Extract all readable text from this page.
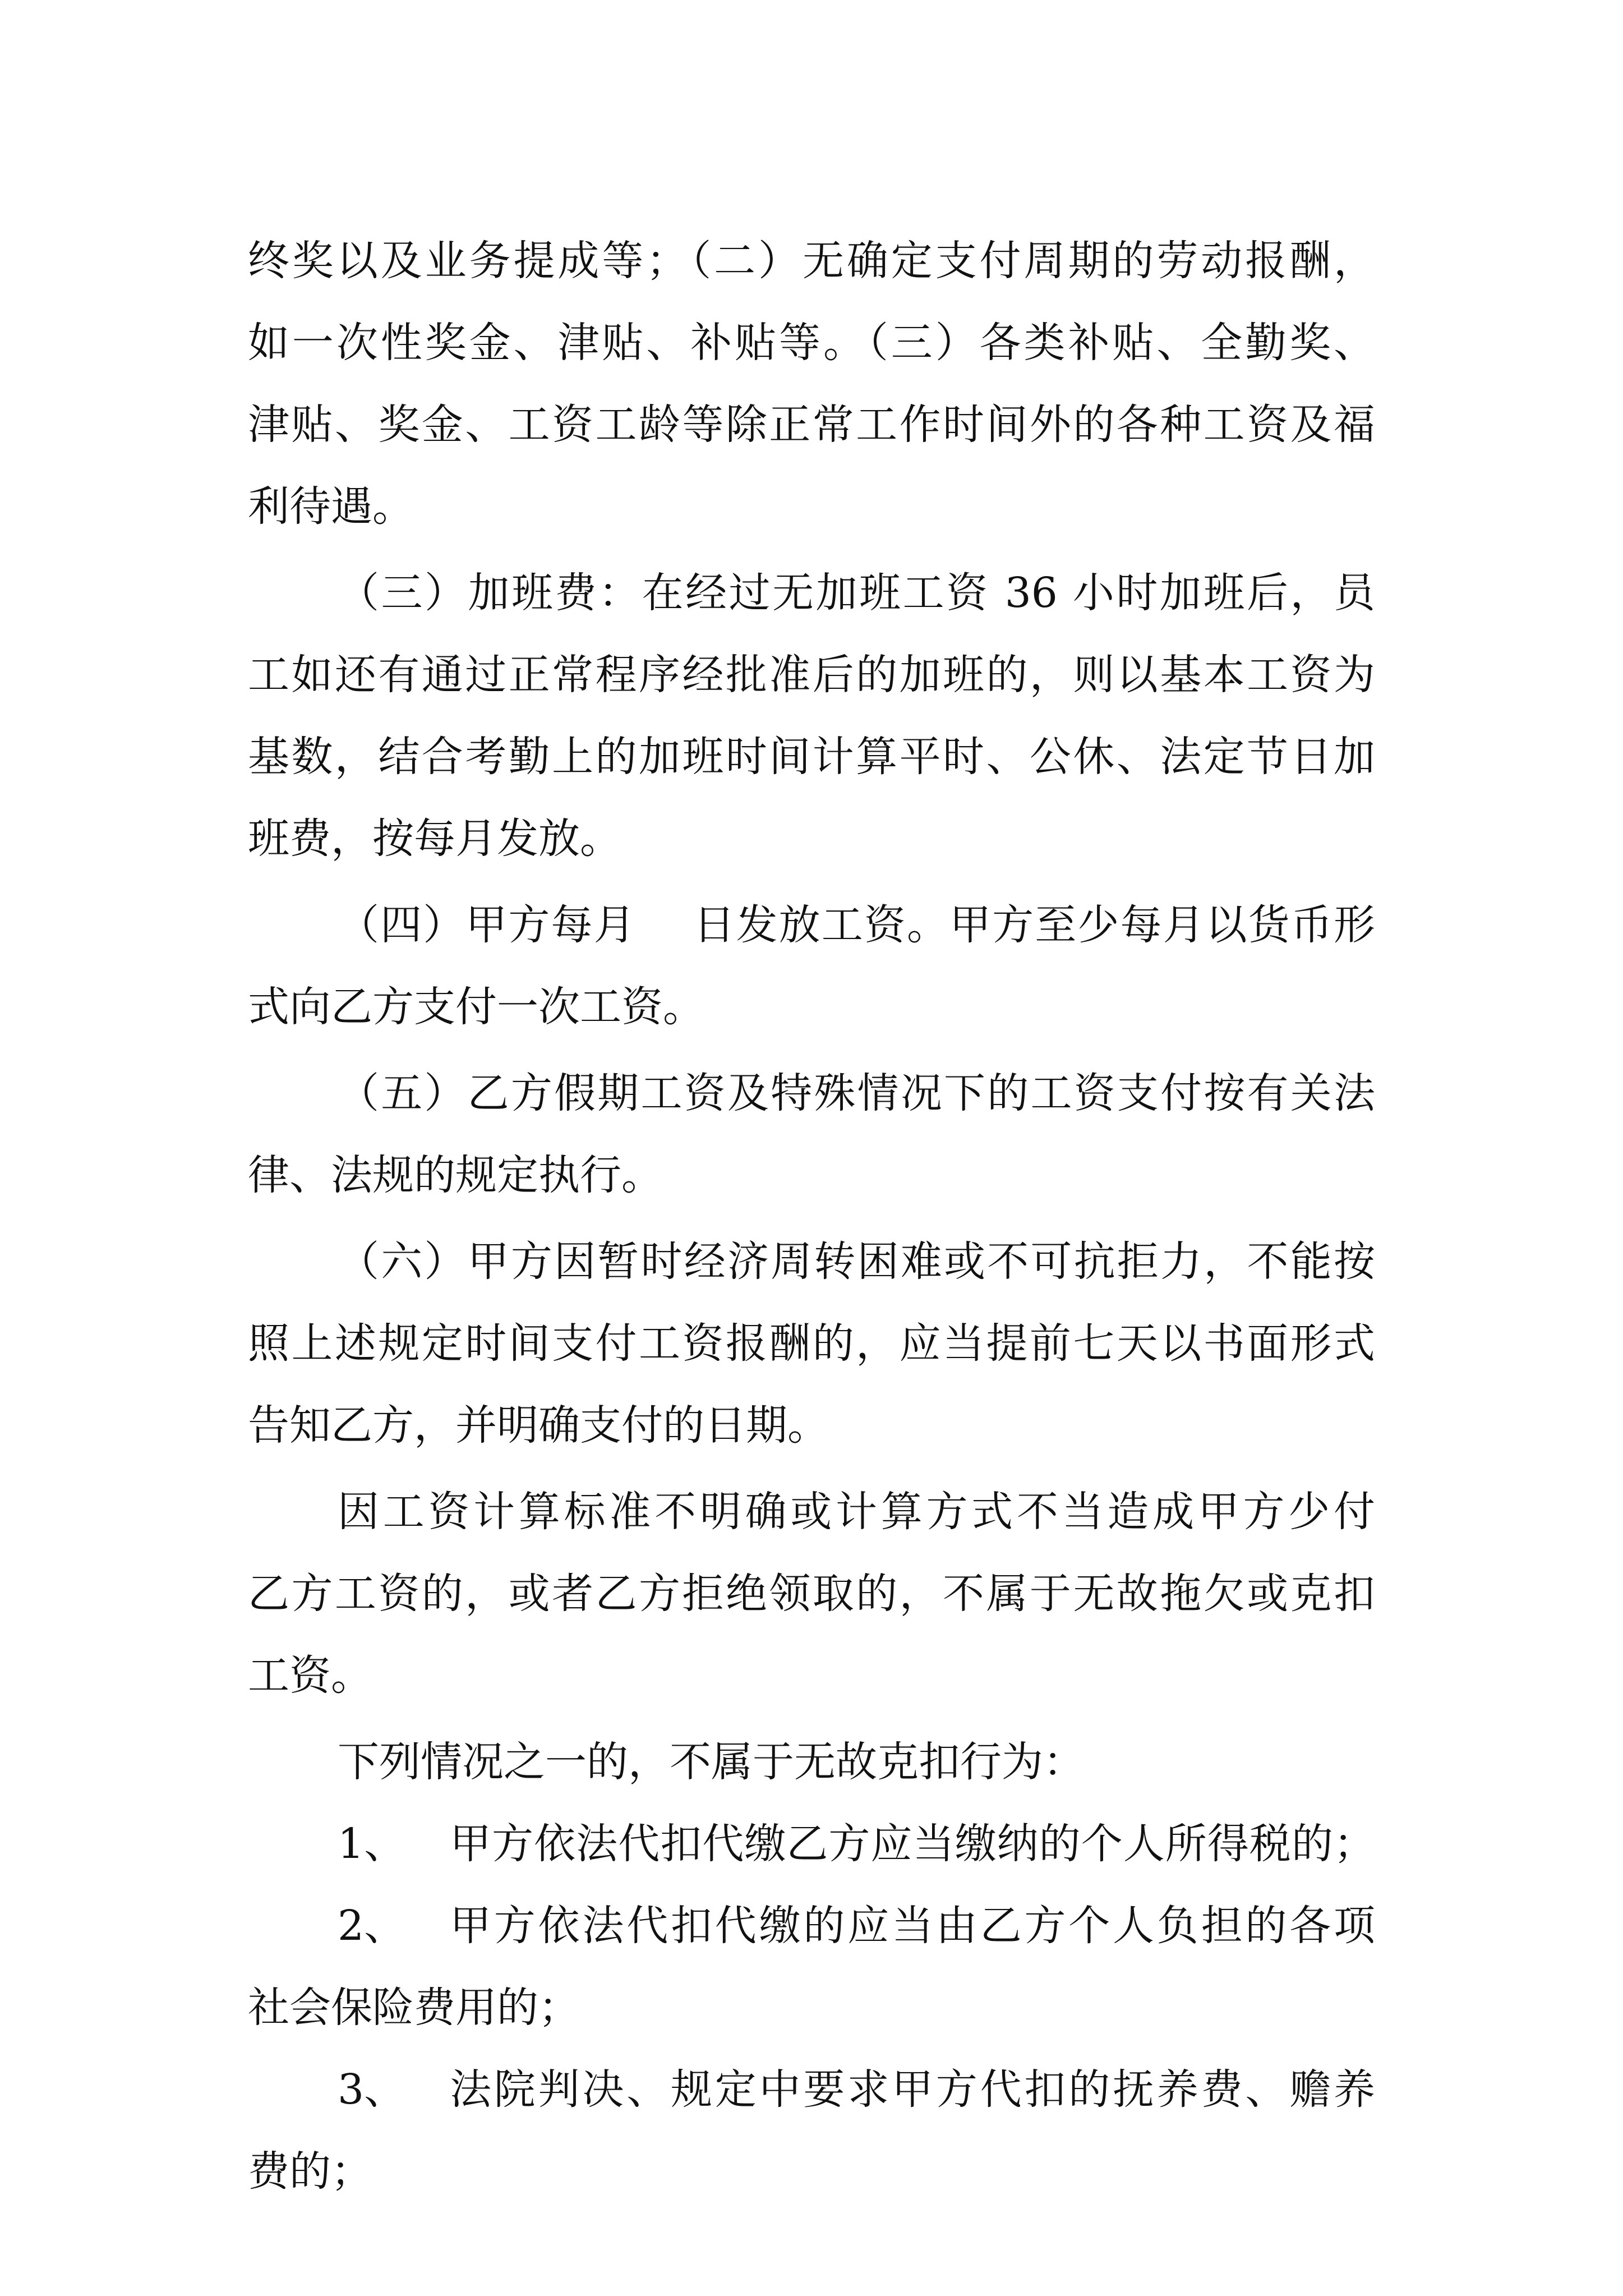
终奖以及业务提成等；（二）无确定支付周期的劳动报酬，
如一次性奖金、津贴、补贴等。（三）各类补贴、全勤奖、
津贴、奖金、工资工龄等除正常工作时间外的各种工资及福
利待遇。
（三）加班费：在经过无加班工资 36 小时加班后，员
工如还有通过正常程序经批准后的加班的，则以基本工资为
基数，结合考勤上的加班时间计算平时、公休、法定节日加
班费，按每月发放。
（四）甲方每月　 日发放工资。甲方至少每月以货币形
式向乙方支付一次工资。
（五）乙方假期工资及特殊情况下的工资支付按有关法
律、法规的规定执行。
（六）甲方因暂时经济周转困难或不可抗拒力，不能按
照上述规定时间支付工资报酬的，应当提前七天以书面形式
告知乙方，并明确支付的日期。
因工资计算标准不明确或计算方式不当造成甲方少付
乙方工资的，或者乙方拒绝领取的，不属于无故拖欠或克扣
工资。
下列情况之一的，不属于无故克扣行为：
1、 甲方依法代扣代缴乙方应当缴纳的个人所得税的；
2、 甲方依法代扣代缴的应当由乙方个人负担的各项
社会保险费用的；
3、 法院判决、规定中要求甲方代扣的抚养费、赡养
费的；
